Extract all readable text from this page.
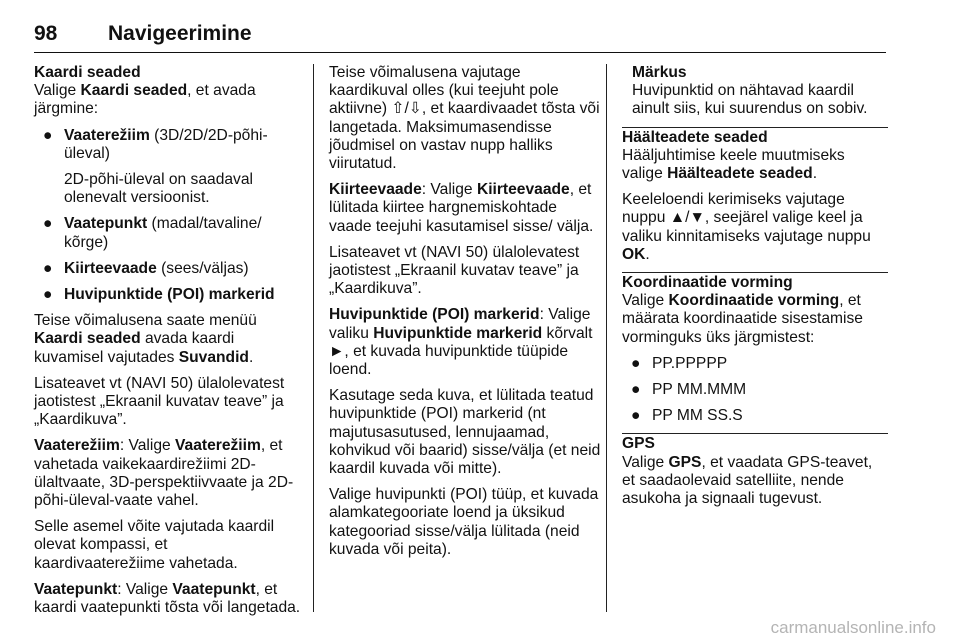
98 Navigeerimine
Kaardi seaded

Valige Kaardi seaded, et avada järgmine:

● Vaaterežiim (3D/2D/2D-põhi-üleval)
2D-põhi-üleval on saadaval olenevalt versioonist.
● Vaatepunkt (madal/tavaline/ kõrge)
● Kiirteevaade (sees/väljas)
● Huvipunktide (POI) markerid

Teise võimalusena saate menüü Kaardi seaded avada kaardi kuvamisel vajutades Suvandid.

Lisateavet vt (NAVI 50) ülalolevatest jaotistest „Ekraanil kuvatav teave” ja „Kaardikuva”.

Vaaterežiim: Valige Vaaterežiim, et vahetada vaikekaardirežiimi 2D-ülaltvaate, 3D-perspektiivvaate ja 2D-põhi-üleval-vaate vahel.

Selle asemel võite vajutada kaardil olevat kompassi, et kaardivaaterežiime vahetada.

Vaatepunkt: Valige Vaatepunkt, et kaardi vaatepunkti tõsta või langetada.

Teise võimalusena vajutage kaardikuval olles (kui teejuht pole aktiivne) ⇧/⇩, et kaardivaadet tõsta või langetada. Maksimumasendisse jõudmisel on vastav nupp halliks viirutatud.

Kiirteevaade: Valige Kiirteevaade, et lülitada kiirtee hargnemiskohtade vaade teejuhi kasutamisel sisse/ välja.

Lisateavet vt (NAVI 50) ülalolevatest jaotistest „Ekraanil kuvatav teave” ja „Kaardikuva”.

Huvipunktide (POI) markerid: Valige valiku Huvipunktide markerid kõrvalt ►, et kuvada huvipunktide tüüpide loend.

Kasutage seda kuva, et lülitada teatud huvipunktide (POI) markerid (nt majutusasutused, lennujaamad, kohvikud või baarid) sisse/välja (et neid kaardil kuvada või mitte).

Valige huvipunkti (POI) tüüp, et kuvada alamkategooriate loend ja üksikud kategooriad sisse/välja lülitada (neid kuvada või peita).

Märkus
Huvipunktid on nähtavad kaardil ainult siis, kui suurendus on sobiv.
Häälteadete seaded

Hääljuhtimise keele muutmiseks valige Häälteadete seaded.

Keeleloendi kerimiseks vajutage nuppu ▲/▼, seejärel valige keel ja valiku kinnitamiseks vajutage nuppu OK.

Koordinaatide vorming

Valige Koordinaatide vorming, et määrata koordinaatide sisestamise vorminguks üks järgmistest:

● PP.PPPPP
● PP MM.MMM
● PP MM SS.S
GPS

Valige GPS, et vaadata GPS-teavet, et saadaolevaid satelliite, nende asukoha ja signaali tugevust.

carmanualsonline.info
